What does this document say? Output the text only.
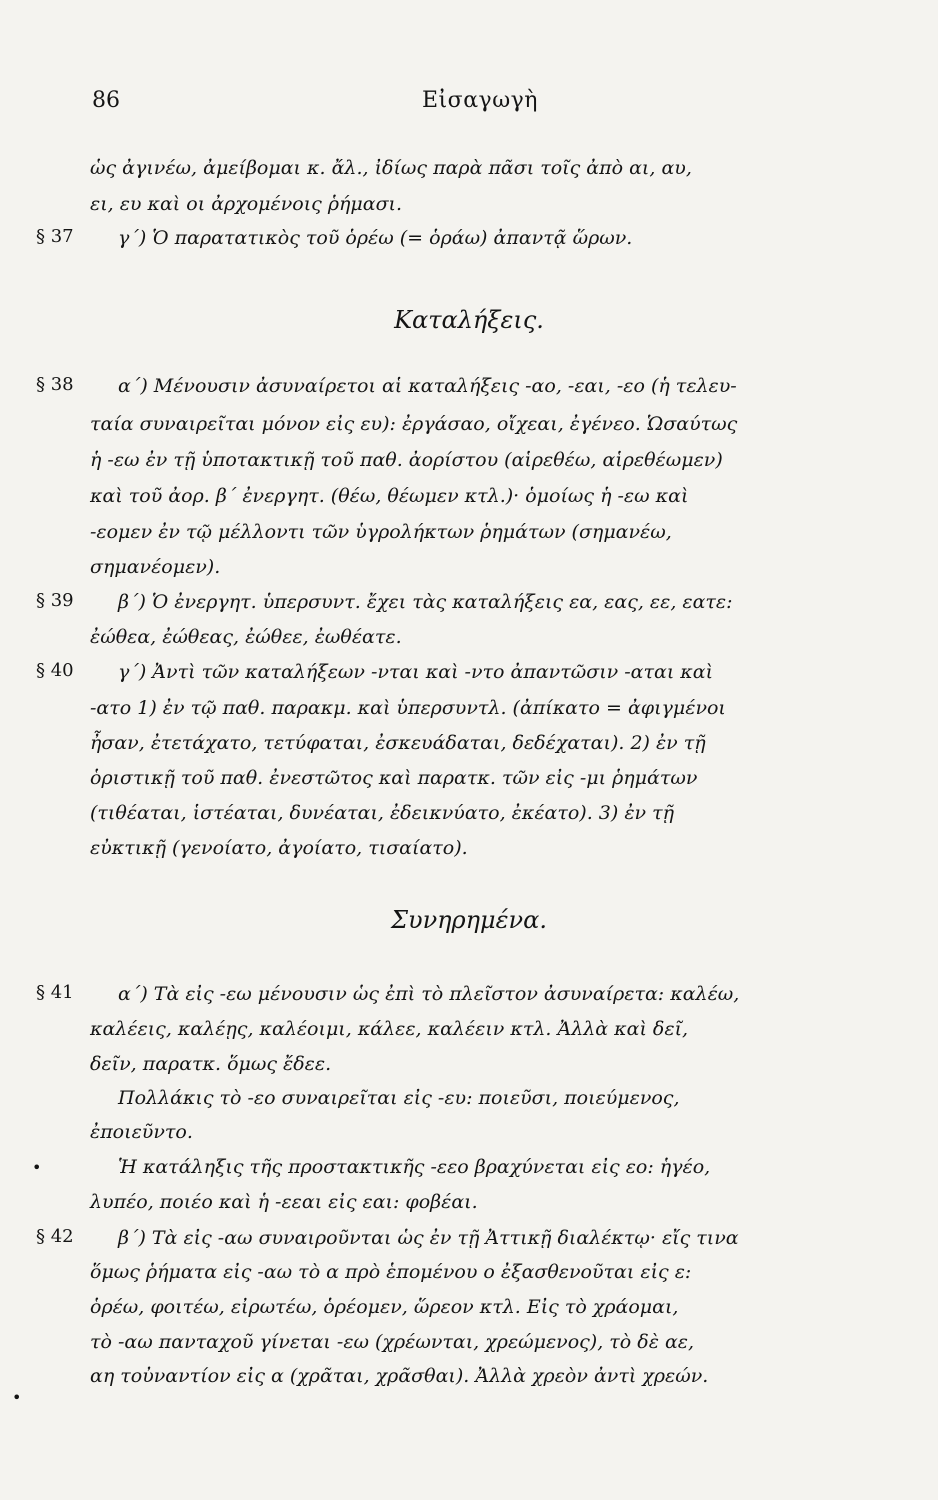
86	Εἰσαγωγὴ
ὡς ἀγινέω, ἀμείβομαι κ. ἄλ., ἰδίως παρὰ πᾶσι τοῖς ἀπὸ αι, αυ,
ει, ευ καὶ οι ἀρχομένοις ῥήμασι.
§ 37 γ΄) Ὁ παρατατικὸς τοῦ ὁρέω (= ὁράω) ἀπαντᾷ ὥρων.
Καταλήξεις.
§ 38 α΄) Μένουσιν ἀσυναίρετοι αἱ καταλήξεις -αο, -εαι, -εο (ἡ τελευ-
ταία συναιρεῖται μόνον εἰς ευ): ἐργάσαο, οἴχεαι, ἐγένεο. Ὡσαύτως
ἡ -εω ἐν τῇ ὑποτακτικῇ τοῦ παθ. ἀορίστου (αἱρεθέω, αἱρεθέωμεν)
καὶ τοῦ ἀορ. β΄ ἐνεργητ. (θέω, θέωμεν κτλ.)· ὁμοίως ἡ -εω καὶ
-εομεν ἐν τῷ μέλλοντι τῶν ὑγρολήκτων ῥημάτων (σημανέω,
σημανέομεν).
§ 39 β΄) Ὁ ἐνεργητ. ὑπερσυντ. ἔχει τὰς καταλήξεις εα, εας, εε, εατε:
ἐώθεα, ἐώθεας, ἐώθεε, ἐωθέατε.
§ 40 γ΄) Ἀντὶ τῶν καταλήξεων -νται καὶ -ντο ἀπαντῶσιν -αται καὶ
-ατο 1) ἐν τῷ παθ. παρακμ. καὶ ὑπερσυντλ. (ἀπίκατο = ἀφιγμένοι
ἦσαν, ἐτετάχατο, τετύφαται, ἐσκευάδαται, δεδέχαται). 2) ἐν τῇ
ὁριστικῇ τοῦ παθ. ἐνεστῶτος καὶ παρατκ. τῶν εἰς -μι ῥημάτων
(τιθέαται, ἱστέαται, δυνέαται, ἐδεικνύατο, ἐκέατο). 3) ἐν τῇ
εὐκτικῇ (γενοίατο, ἀγοίατο, τισαίατο).
Συνηρημένα.
§ 41 α΄) Τὰ εἰς -εω μένουσιν ὡς ἐπὶ τὸ πλεῖστον ἀσυναίρετα: καλέω,
καλέεις, καλέῃς, καλέοιμι, κάλεε, καλέειν κτλ. Ἀλλὰ καὶ δεῖ,
δεῖν, παρατκ. ὅμως ἔδεε.
Πολλάκις τὸ -εο συναιρεῖται εἰς -ευ: ποιεῦσι, ποιεύμενος,
ἐποιεῦντο.
•	Ἡ κατάληξις τῆς προστακτικῆς -εεο βραχύνεται εἰς εο: ἡγέο,
λυπέο, ποιέο καὶ ἡ -εεαι εἰς εαι: φοβέαι.
§ 42 β΄) Τὰ εἰς -αω συναιροῦνται ὡς ἐν τῇ Ἀττικῇ διαλέκτῳ· εἴς τινα
ὅμως ῥήματα εἰς -αω τὸ α πρὸ ἑπομένου ο ἐξασθενοῦται εἰς ε:
ὁρέω, φοιτέω, εἰρωτέω, ὁρέομεν, ὥρεον κτλ. Εἰς τὸ χράομαι,
τὸ -αω πανταχοῦ γίνεται -εω (χρέωνται, χρεώμενος), τὸ δὲ αε,
αη τοὐναντίον εἰς α (χρᾶται, χρᾶσθαι). Ἀλλὰ χρεὸν ἀντὶ χρεών.
•
